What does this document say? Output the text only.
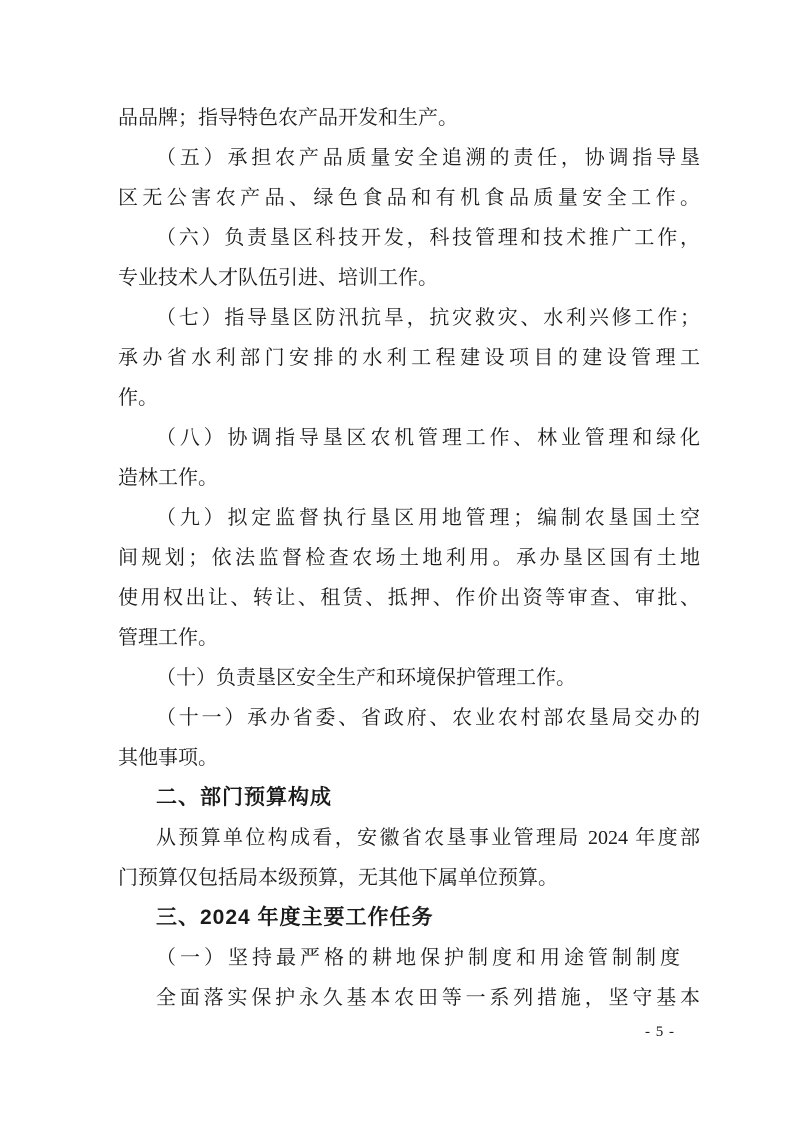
品品牌；指导特色农产品开发和生产。
（五）承担农产品质量安全追溯的责任，协调指导垦
区无公害农产品、绿色食品和有机食品质量安全工作。
（六）负责垦区科技开发，科技管理和技术推广工作，
专业技术人才队伍引进、培训工作。
（七）指导垦区防汛抗旱，抗灾救灾、水利兴修工作；
承办省水利部门安排的水利工程建设项目的建设管理工
作。
（八）协调指导垦区农机管理工作、林业管理和绿化
造林工作。
（九）拟定监督执行垦区用地管理；编制农垦国土空
间规划；依法监督检查农场土地利用。承办垦区国有土地
使用权出让、转让、租赁、抵押、作价出资等审查、审批、
管理工作。
（十）负责垦区安全生产和环境保护管理工作。
（十一）承办省委、省政府、农业农村部农垦局交办的
其他事项。
二、部门预算构成
从预算单位构成看，安徽省农垦事业管理局 2024 年度部
门预算仅包括局本级预算，无其他下属单位预算。
三、2024 年度主要工作任务
（一）坚持最严格的耕地保护制度和用途管制制度
全面落实保护永久基本农田等一系列措施，坚守基本
- 5 -
